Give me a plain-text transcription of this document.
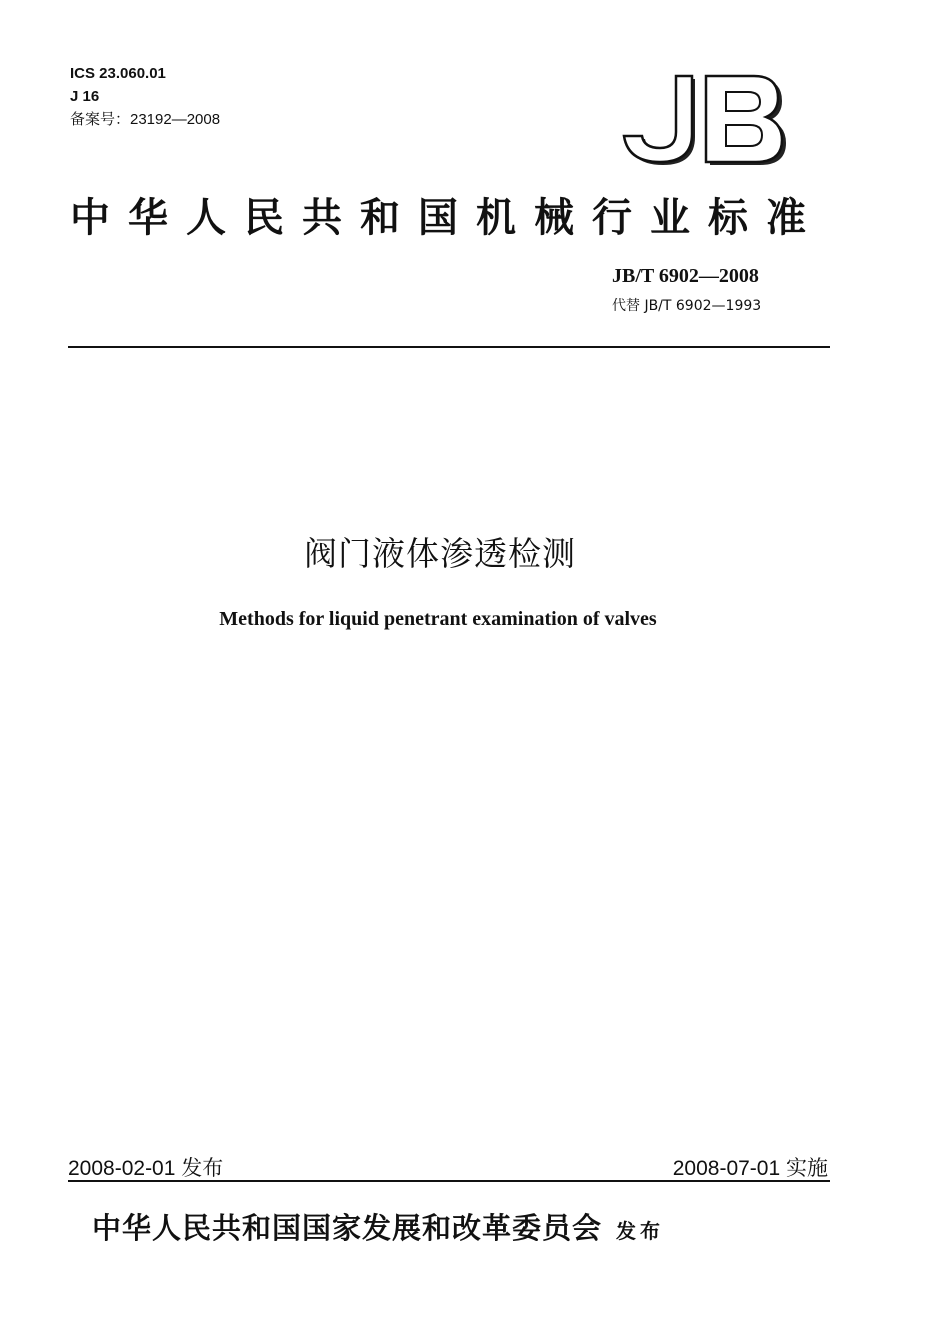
ICS 23.060.01
J 16
备案号：23192—2008
JB
中华人民共和国机械行业标准
JB/T 6902—2008
代替 JB/T 6902—1993
阀门液体渗透检测
Methods for liquid penetrant examination of valves
2008-02-01 发布	2008-07-01 实施
中华人民共和国国家发展和改革委员会 发布
